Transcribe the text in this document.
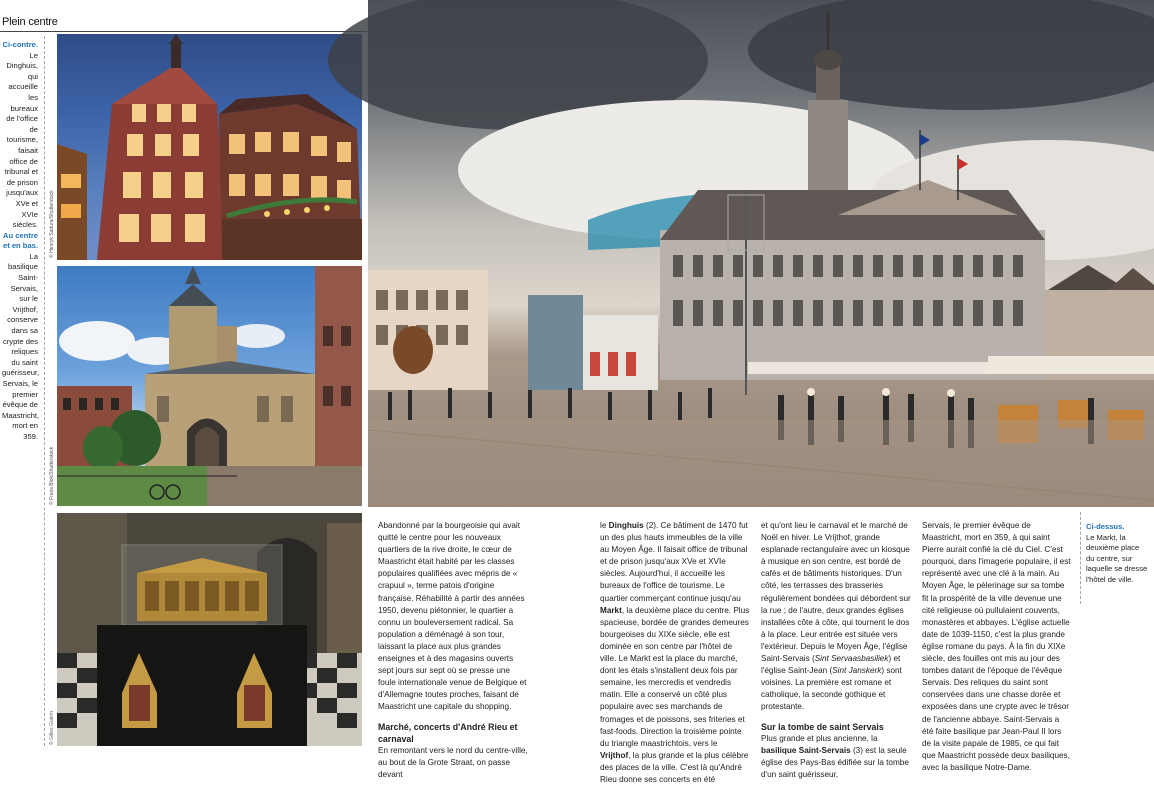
Plein centre
Ci-contre.
Le Dinghuis, qui accueille les bureaux de l'office de tourisme, faisait office de tribunal et de prison jusqu'aux XVe et XVIe siècles.
Au centre et en bas.
La basilique Saint-Servais, sur le Vrijthof, conserve dans sa crypte des reliques du saint guérisseur, Servais, le premier évêque de Maastricht, mort en 359.
© Henryk Sadura/Shutterstock
© Frans Blok/Shutterstock
© Gilles Guérin
Ci-dessus.
Le Markt, la deuxième place du centre, sur laquelle se dresse l'hôtel de ville.

Abandonné par la bourgeoisie qui avait quitté le centre pour les nouveaux quartiers de la rive droite, le cœur de Maastricht était habité par les classes populaires qualifiées avec mépris de « crapuul », terme patois d'origine française. Réhabilité à partir des années 1950, devenu piétonnier, le quartier a connu un bouleversement radical. Sa population a déménagé à son tour, laissant la place aux plus grandes enseignes et à des magasins ouverts sept jours sur sept où se presse une foule internationale venue de Belgique et d'Allemagne toutes proches, faisant de Maastricht une capitale du shopping.

Marché, concerts d'André Rieu et carnaval

En remontant vers le nord du centre-ville, au bout de la Grote Straat, on passe devant

le Dinghuis (2). Ce bâtiment de 1470 fut un des plus hauts immeubles de la ville au Moyen Âge. Il faisait office de tribunal et de prison jusqu'aux XVe et XVIe siècles. Aujourd'hui, il accueille les bureaux de l'office de tourisme. Le quartier commerçant continue jusqu'au Markt, la deuxième place du centre. Plus spacieuse, bordée de grandes demeures bourgeoises du XIXe siècle, elle est dominée en son centre par l'hôtel de ville. Le Markt est la place du marché, dont les étals s'installent deux fois par semaine, les mercredis et vendredis matin. Elle a conservé un côté plus populaire avec ses marchands de fromages et de poissons, ses friteries et fast-foods. Direction la troisième pointe du triangle maastrichtois, vers le Vrijthof, la plus grande et la plus célèbre des places de la ville. C'est là qu'André Rieu donne ses concerts en été

et qu'ont lieu le carnaval et le marché de Noël en hiver. Le Vrijthof, grande esplanade rectangulaire avec un kiosque à musique en son centre, est bordé de cafés et de bâtiments historiques. D'un côté, les terrasses des brasseries régulièrement bondées qui débordent sur la rue ; de l'autre, deux grandes églises installées côte à côte, qui tournent le dos à la place. Leur entrée est située vers l'extérieur. Depuis le Moyen Âge, l'église Saint-Servais (Sint Servaasbasiliek) et l'église Saint-Jean (Sint Janskerk) sont voisines. La première est romane et catholique, la seconde gothique et protestante.

Sur la tombe de saint Servais

Plus grande et plus ancienne, la basilique Saint-Servais (3) est la seule église des Pays-Bas édifiée sur la tombe d'un saint guérisseur,

Servais, le premier évêque de Maastricht, mort en 359, à qui saint Pierre aurait confié la clé du Ciel. C'est pourquoi, dans l'imagerie populaire, il est représenté avec une clé à la main. Au Moyen Âge, le pèlerinage sur sa tombe fit la prospérité de la ville devenue une cité religieuse où pullulaient couvents, monastères et abbayes. L'église actuelle date de 1039-1150, c'est la plus grande église romane du pays. À la fin du XIXe siècle, des fouilles ont mis au jour des tombes datant de l'époque de l'évêque Servais. Des reliques du saint sont conservées dans une chasse dorée et exposées dans une crypte avec le trésor de l'ancienne abbaye. Saint-Servais a été faite basilique par Jean-Paul II lors de la visite papale de 1985, ce qui fait que Maastricht possède deux basiliques, avec la basilique Notre-Dame.
